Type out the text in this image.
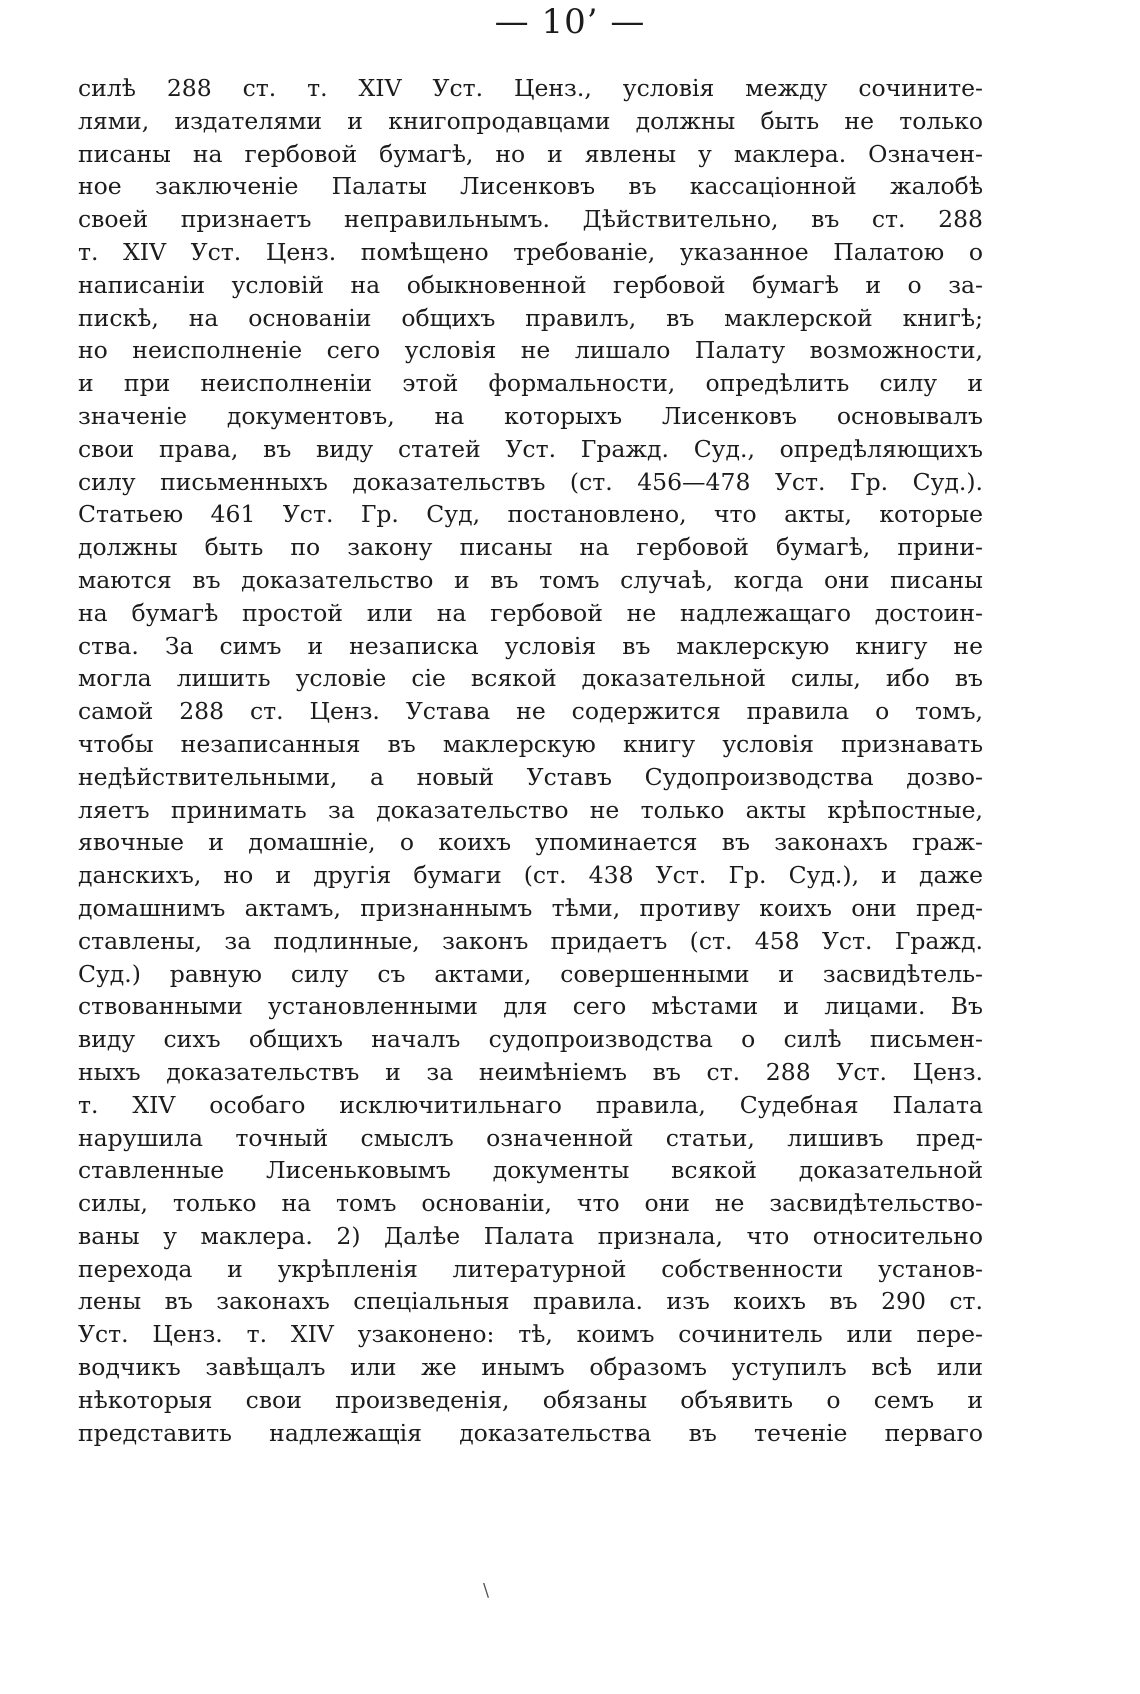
— 10’ —
силѣ 288 ст. т. XIV Уст. Ценз., условія между сочините-
лями, издателями и книгопродавцами должны быть не только
писаны на гербовой бумагѣ, но и явлены у маклера. Означен-
ное заключеніе Палаты Лисенковъ въ кассаціонной жалобѣ
своей признаетъ неправильнымъ. Дѣйствительно, въ ст. 288
т. XIV Уст. Ценз. помѣщено требованіе, указанное Палатою о
написаніи условій на обыкновенной гербовой бумагѣ и о за-
пискѣ, на основаніи общихъ правилъ, въ маклерской книгѣ;
но неисполненіе сего условія не лишало Палату возможности,
и при неисполненіи этой формальности, опредѣлить силу и
значеніе документовъ, на которыхъ Лисенковъ основывалъ
свои права, въ виду статей Уст. Гражд. Суд., опредѣляющихъ
силу письменныхъ доказательствъ (ст. 456—478 Уст. Гр. Суд.).
Статьею 461 Уст. Гр. Суд, постановлено, что акты, которые
должны быть по закону писаны на гербовой бумагѣ, прини-
маются въ доказательство и въ томъ случаѣ, когда они писаны
на бумагѣ простой или на гербовой не надлежащаго достоин-
ства. За симъ и незаписка условія въ маклерскую книгу не
могла лишить условіе сіе всякой доказательной силы, ибо въ
самой 288 ст. Ценз. Устава не содержится правила о томъ,
чтобы незаписанныя въ маклерскую книгу условія признавать
недѣйствительными, а новый Уставъ Судопроизводства дозво-
ляетъ принимать за доказательство не только акты крѣпостные,
явочные и домашніе, о коихъ упоминается въ законахъ граж-
данскихъ, но и другія бумаги (ст. 438 Уст. Гр. Суд.), и даже
домашнимъ актамъ, признаннымъ тѣми, противу коихъ они пред-
ставлены, за подлинные, законъ придаетъ (ст. 458 Уст. Гражд.
Суд.) равную силу съ актами, совершенными и засвидѣтель-
ствованными установленными для сего мѣстами и лицами. Въ
виду сихъ общихъ началъ судопроизводства о силѣ письмен-
ныхъ доказательствъ и за неимѣніемъ въ ст. 288 Уст. Ценз.
т. XIV особаго исключитильнаго правила, Судебная Палата
нарушила точный смыслъ означенной статьи, лишивъ пред-
ставленные Лисеньковымъ документы всякой доказательной
силы, только на томъ основаніи, что они не засвидѣтельство-
ваны у маклера. 2) Далѣе Палата признала, что относительно
перехода и укрѣпленія литературной собственности установ-
лены въ законахъ спеціальныя правила. изъ коихъ въ 290 ст.
Уст. Ценз. т. XIV узаконено: тѣ, коимъ сочинитель или пере-
водчикъ завѣщалъ или же инымъ образомъ уступилъ всѣ или
нѣкоторыя свои произведенія, обязаны объявить о семъ и
представить надлежащія доказательства въ теченіе перваго
\
